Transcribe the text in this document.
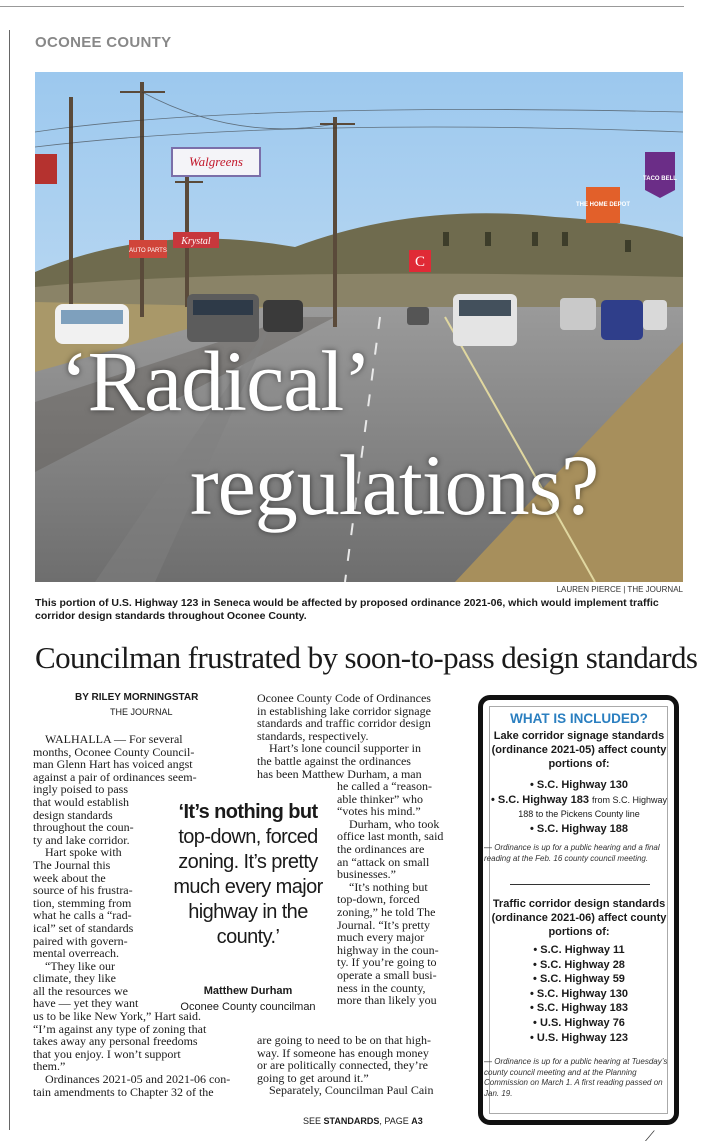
OCONEE COUNTY
Walgreens
AUTO PARTS
Krystal
C
THE HOME DEPOT
TACO BELL
‘Radical’
regulations?
LAUREN PIERCE | THE JOURNAL
This portion of U.S. Highway 123 in Seneca would be affected by proposed ordinance 2021-06, which would implement traffic corridor design standards throughout Oconee County.
Councilman frustrated by soon-to-pass design standards
BY RILEY MORNINGSTAR
THE JOURNAL

WALHALLA — For several

months, Oconee County Council-

man Glenn Hart has voiced angst

against a pair of ordinances seem-

ingly poised to pass

that would establish

design standards

throughout the coun-

ty and lake corridor.

Hart spoke with

The Journal this

week about the

source of his frustra-

tion, stemming from

what he calls a “rad-

ical” set of standards

paired with govern-

mental overreach.

“They like our

climate, they like

all the resources we

have — yet they want

us to be like New York,” Hart said.

“I’m against any type of zoning that

takes away any personal freedoms

that you enjoy. I won’t support

them.”

Ordinances 2021-05 and 2021-06 con-

tain amendments to Chapter 32 of the

Oconee County Code of Ordinances

in establishing lake corridor signage

standards and traffic corridor design

standards, respectively.

Hart’s lone council supporter in

the battle against the ordinances

has been Matthew Durham, a man

he called a “reason-

able thinker” who

“votes his mind.”

Durham, who took

office last month, said

the ordinances are

an “attack on small

businesses.”

“It’s nothing but

top-down, forced

zoning,” he told The

Journal. “It’s pretty

much every major

highway in the coun-

ty. If you’re going to

operate a small busi-

ness in the county,

more than likely you

are going to need to be on that high-

way. If someone has enough money

or are politically connected, they’re

going to get around it.”

Separately, Councilman Paul Cain

‘It’s nothing but top-down, forced zoning. It’s pretty much every major highway in the county.’
Matthew Durham
Oconee County councilman
SEE STANDARDS, PAGE A3
WHAT IS INCLUDED?
Lake corridor signage standards (ordinance 2021-05) affect county portions of:
• S.C. Highway 130
• S.C. Highway 183 from S.C. Highway 188 to the Pickens County line
• S.C. Highway 188
— Ordinance is up for a public hearing and a final reading at the Feb. 16 county council meeting.
Traffic corridor design standards (ordinance 2021-06) affect county portions of:
• S.C. Highway 11
• S.C. Highway 28
• S.C. Highway 59
• S.C. Highway 130
• S.C. Highway 183
• U.S. Highway 76
• U.S. Highway 123
— Ordinance is up for a public hearing at Tuesday’s county council meeting and at the Planning Commission on March 1. A first reading passed on Jan. 19.
⟋
